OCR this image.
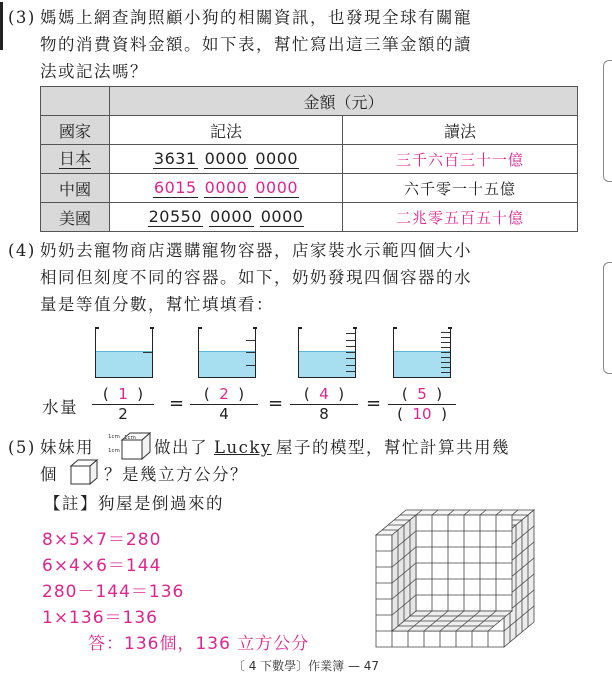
(3) 媽媽上網查詢照顧小狗的相關資訊，也發現全球有關寵
物的消費資料金額。如下表，幫忙寫出這三筆金額的讀
法或記法嗎？
	金額（元）	
國家	記法	讀法
日本	3631 0000 0000	三千六百三十一億
中國	6015 0000 0000	六千零一十五億
美國	20550 0000 0000	二兆零五百五十億
(4) 奶奶去寵物商店選購寵物容器，店家裝水示範四個大小
相同但刻度不同的容器。如下，奶奶發現四個容器的水
量是等值分數，幫忙填填看：
水量
(  1  )
2
=	(  2  )
4
=	(  4  )
8
=	(  5  )
(  10  )
(5) 妹妹用
1cm
1cm
1cm 做出了 Lucky 屋子的模型，幫忙計算共用幾
個	？是幾立方公分？
【註】狗屋是倒過來的
8×5×7＝280
6×4×6＝144
280－144＝136
1×136＝136
答：136個，136 立方公分
〔 4 下數學〕作業簿 — 47
